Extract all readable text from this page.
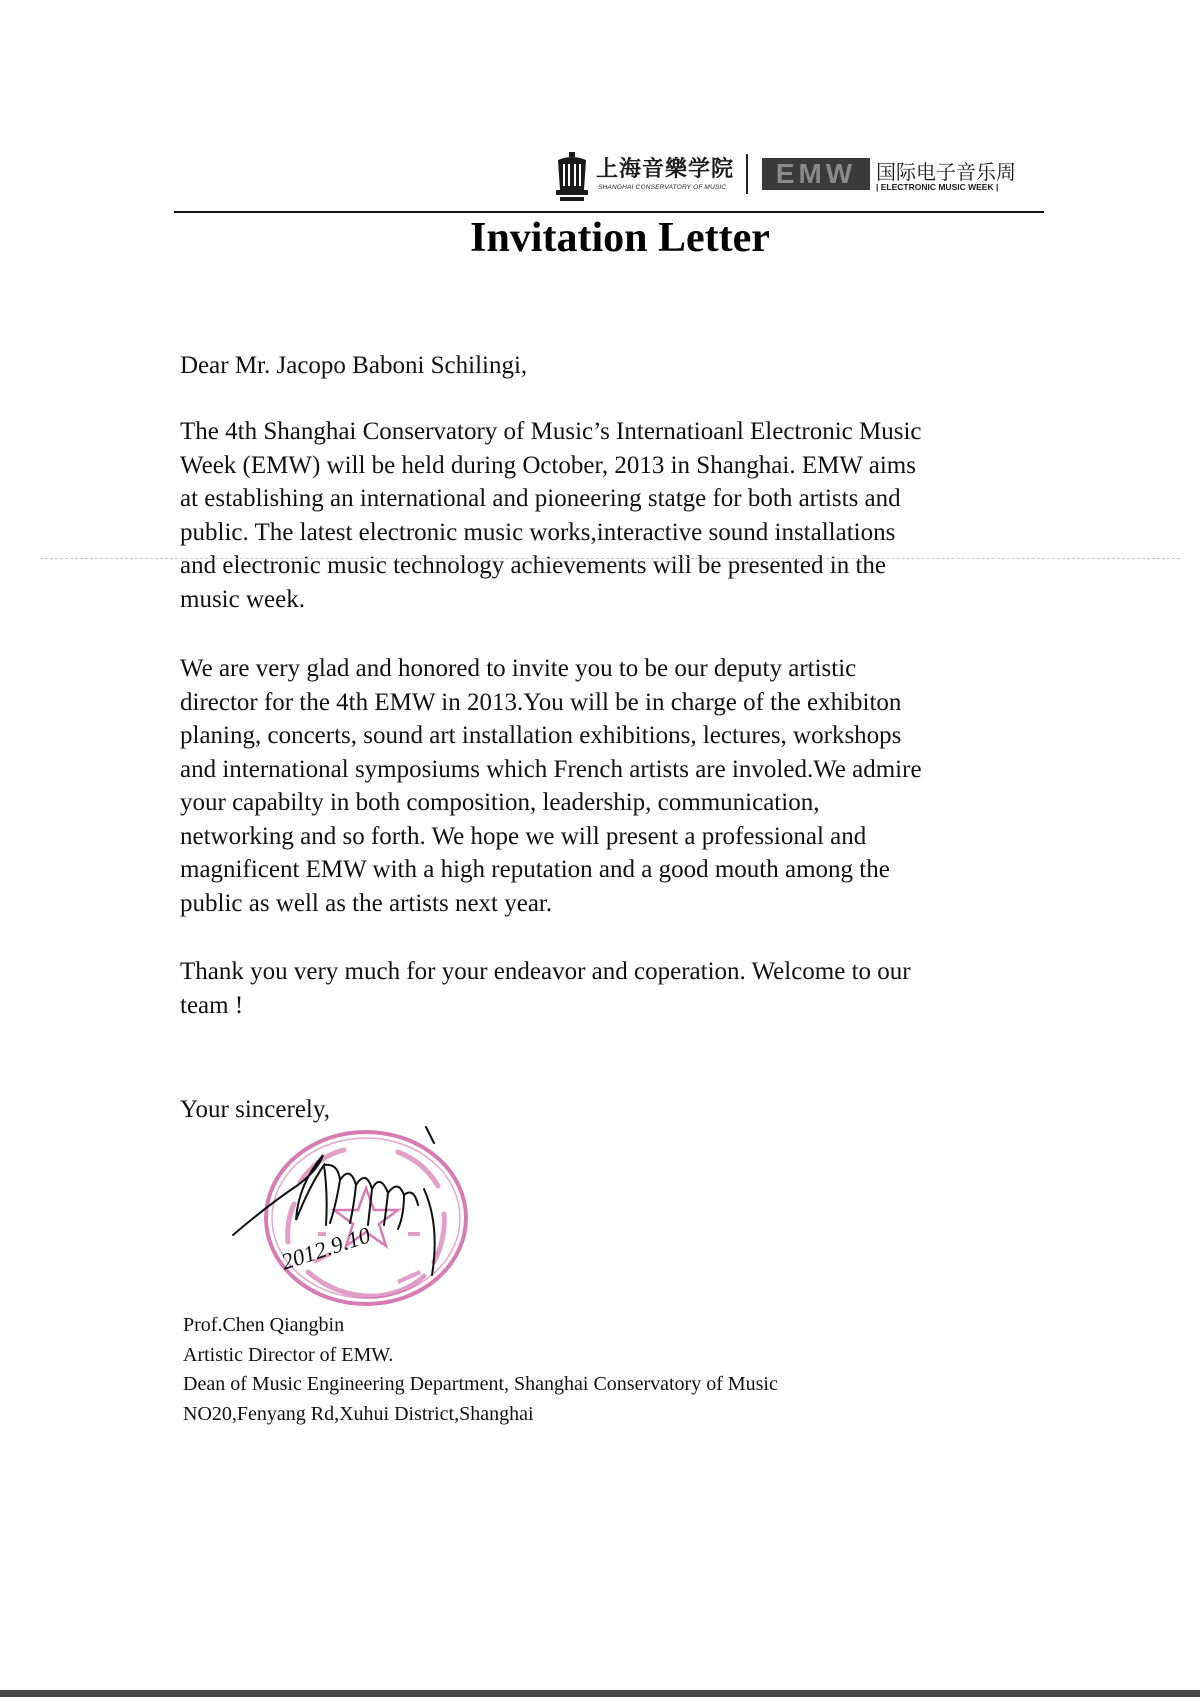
上海音樂学院
SHANGHAI CONSERVATORY OF MUSIC	EMW 国际电子音乐周
| ELECTRONIC MUSIC WEEK |
Invitation Letter
Dear Mr. Jacopo Baboni Schilingi,
The 4th Shanghai Conservatory of Music’s Internatioanl Electronic Music
Week (EMW) will be held during October, 2013 in Shanghai. EMW aims
at establishing an international and pioneering statge for both artists and
public. The latest electronic music works,interactive sound installations
and electronic music technology achievements will be presented in the
music week.
We are very glad and honored to invite you to be our deputy artistic
director for the 4th EMW in 2013.You will be in charge of the exhibiton
planing, concerts, sound art installation exhibitions, lectures, workshops
and international symposiums which French artists are involed.We admire
your capabilty in both composition, leadership, communication,
networking and so forth. We hope we will present a professional and
magnificent EMW with a high reputation and a good mouth among the
public as well as the artists next year.
Thank you very much for your endeavor and coperation. Welcome to our
team !
Your sincerely,
2012.9.10
Prof.Chen Qiangbin
Artistic Director of EMW.
Dean of Music Engineering Department, Shanghai Conservatory of Music
NO20,Fenyang Rd,Xuhui District,Shanghai
